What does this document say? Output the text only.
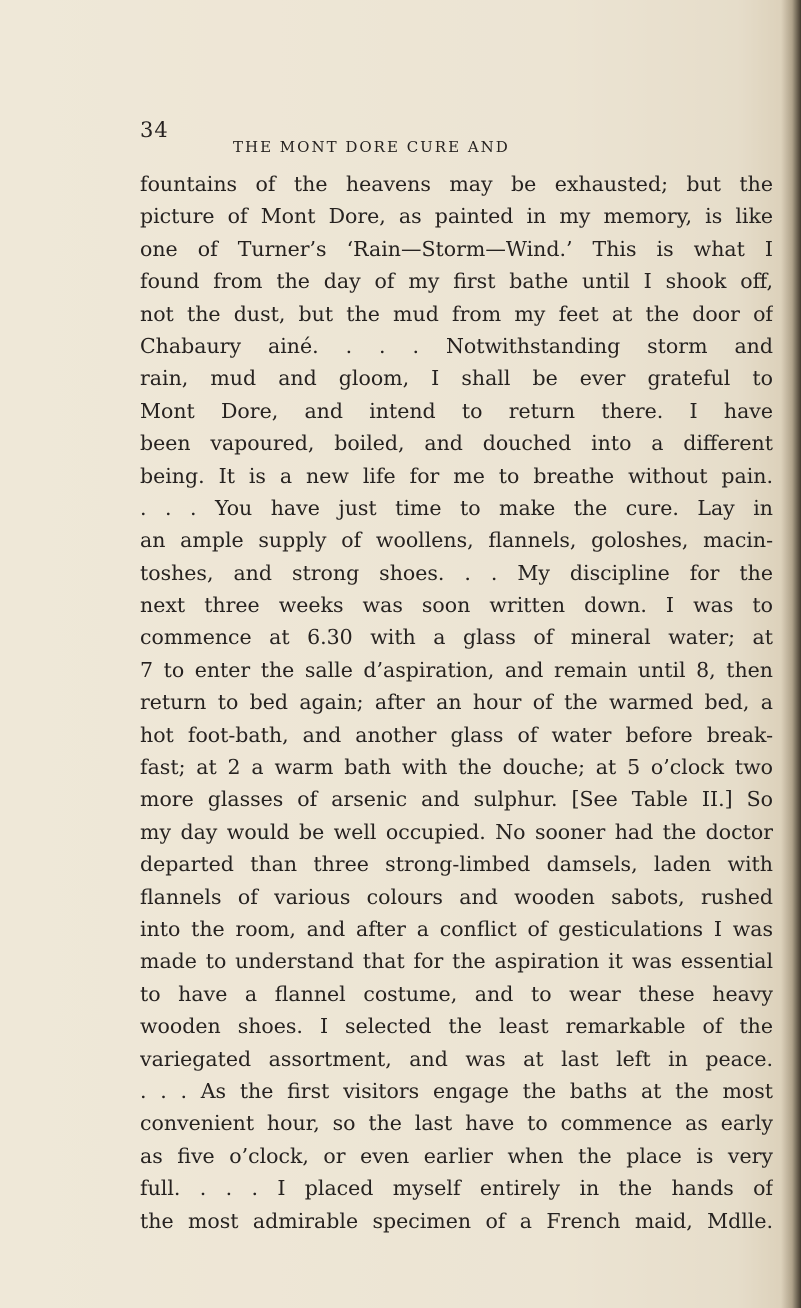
34
THE MONT DORE CURE AND
fountains of the heavens may be exhausted; but the
picture of Mont Dore, as painted in my memory, is like
one of Turner’s ‘Rain—Storm—Wind.’ This is what I
found from the day of my first bathe until I shook off,
not the dust, but the mud from my feet at the door of
Chabaury ainé. . . . Notwithstanding storm and
rain, mud and gloom, I shall be ever grateful to
Mont Dore, and intend to return there. I have
been vapoured, boiled, and douched into a different
being. It is a new life for me to breathe without pain.
. . . You have just time to make the cure. Lay in
an ample supply of woollens, flannels, goloshes, macin-
toshes, and strong shoes. . . My discipline for the
next three weeks was soon written down. I was to
commence at 6.30 with a glass of mineral water; at
7 to enter the salle d’aspiration, and remain until 8, then
return to bed again; after an hour of the warmed bed, a
hot foot-bath, and another glass of water before break-
fast; at 2 a warm bath with the douche; at 5 o’clock two
more glasses of arsenic and sulphur. [See Table II.] So
my day would be well occupied. No sooner had the doctor
departed than three strong-limbed damsels, laden with
flannels of various colours and wooden sabots, rushed
into the room, and after a conflict of gesticulations I was
made to understand that for the aspiration it was essential
to have a flannel costume, and to wear these heavy
wooden shoes. I selected the least remarkable of the
variegated assortment, and was at last left in peace.
. . . As the first visitors engage the baths at the most
convenient hour, so the last have to commence as early
as five o’clock, or even earlier when the place is very
full. . . . I placed myself entirely in the hands of
the most admirable specimen of a French maid, Mdlle.
